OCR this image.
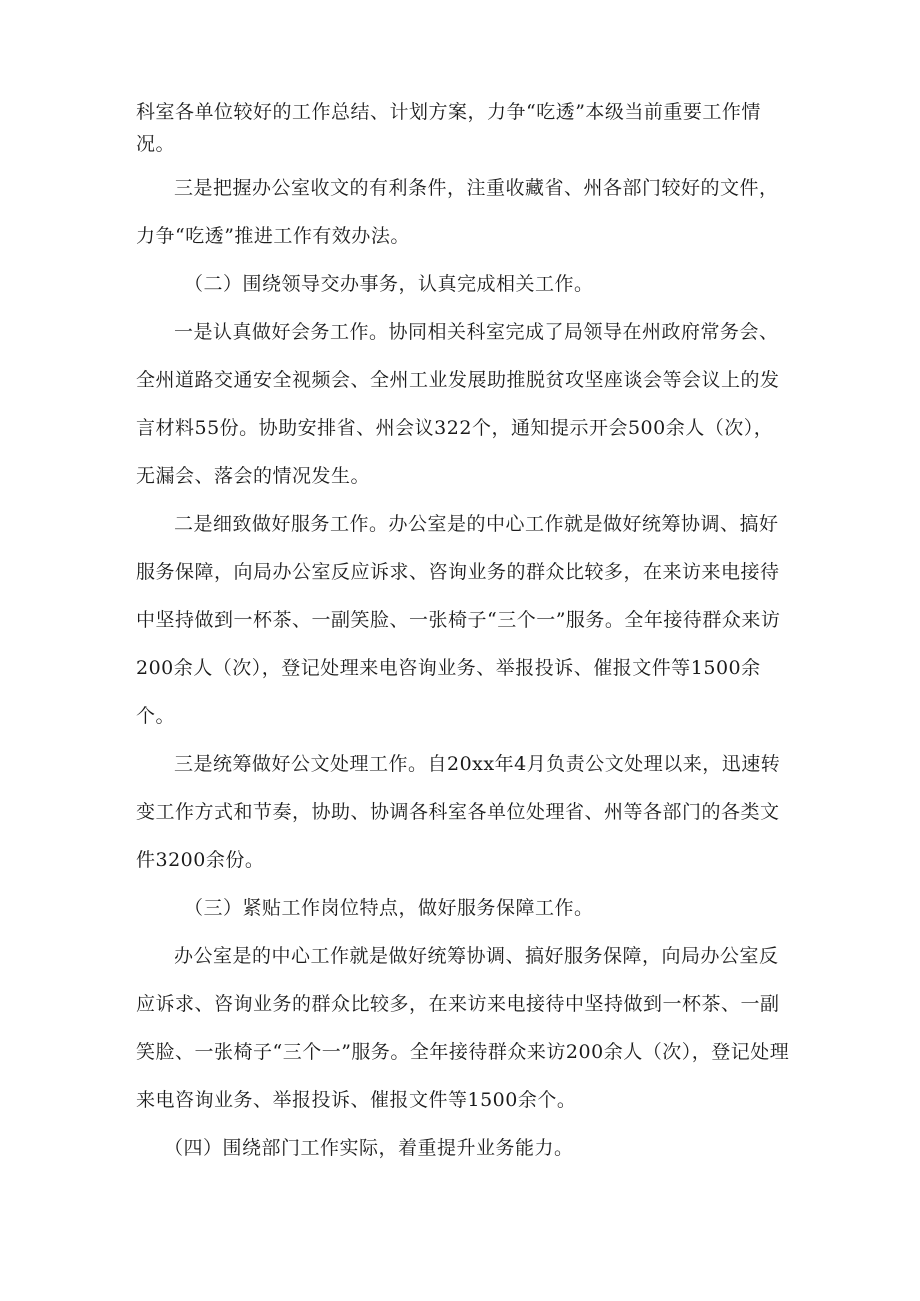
科室各单位较好的工作总结、计划方案，力争“吃透”本级当前重要工作情况。

三是把握办公室收文的有利条件，注重收藏省、州各部门较好的文件，力争“吃透”推进工作有效办法。

（二）围绕领导交办事务，认真完成相关工作。

一是认真做好会务工作。协同相关科室完成了局领导在州政府常务会、全州道路交通安全视频会、全州工业发展助推脱贫攻坚座谈会等会议上的发言材料55份。协助安排省、州会议322个，通知提示开会500余人（次），无漏会、落会的情况发生。

二是细致做好服务工作。办公室是的中心工作就是做好统筹协调、搞好服务保障，向局办公室反应诉求、咨询业务的群众比较多，在来访来电接待中坚持做到一杯茶、一副笑脸、一张椅子“三个一”服务。全年接待群众来访200余人（次），登记处理来电咨询业务、举报投诉、催报文件等1500余个。

三是统筹做好公文处理工作。自20xx年4月负责公文处理以来，迅速转变工作方式和节奏，协助、协调各科室各单位处理省、州等各部门的各类文件3200余份。

（三）紧贴工作岗位特点，做好服务保障工作。

办公室是的中心工作就是做好统筹协调、搞好服务保障，向局办公室反应诉求、咨询业务的群众比较多，在来访来电接待中坚持做到一杯茶、一副笑脸、一张椅子“三个一”服务。全年接待群众来访200余人（次），登记处理来电咨询业务、举报投诉、催报文件等1500余个。

（四）围绕部门工作实际，着重提升业务能力。
